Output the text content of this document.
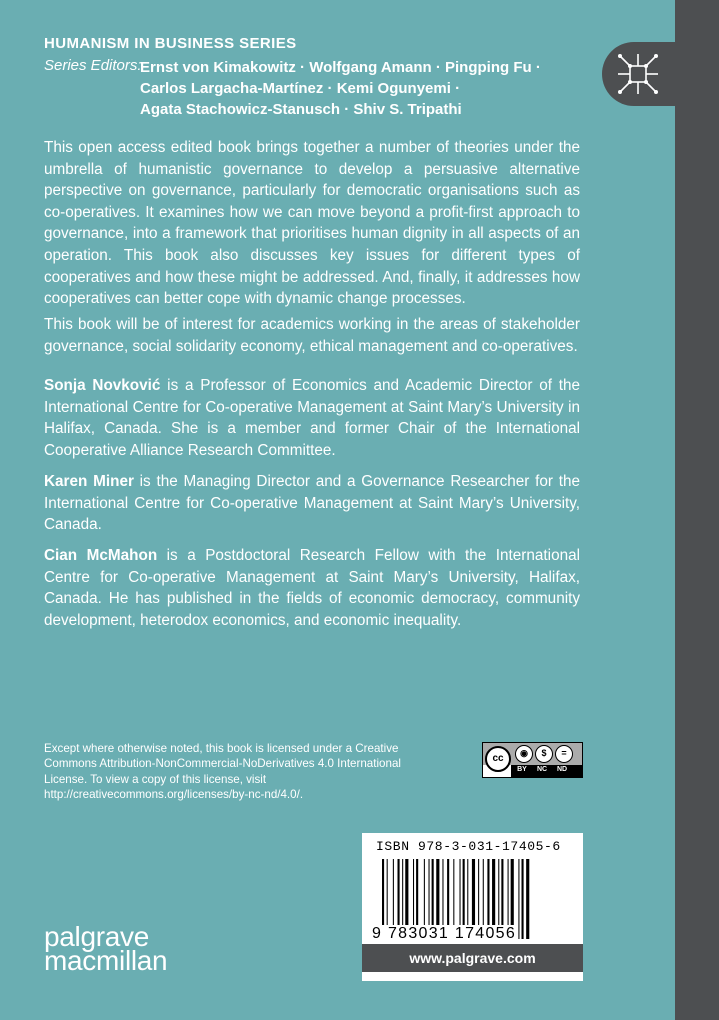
HUMANISM IN BUSINESS SERIES
Series Editors:
Ernst von Kimakowitz · Wolfgang Amann · Pingping Fu ·
Carlos Largacha-Martínez · Kemi Ogunyemi ·
Agata Stachowicz-Stanusch · Shiv S. Tripathi
This open access edited book brings together a number of theories under the umbrella of humanistic governance to develop a persuasive alternative perspective on governance, particularly for democratic organisations such as co-operatives. It examines how we can move beyond a profit-first approach to governance, into a framework that prioritises human dignity in all aspects of an operation. This book also discusses key issues for different types of cooperatives and how these might be addressed. And, finally, it addresses how cooperatives can better cope with dynamic change processes.
This book will be of interest for academics working in the areas of stakeholder governance, social solidarity economy, ethical management and co-operatives.
Sonja Novković is a Professor of Economics and Academic Director of the International Centre for Co-operative Management at Saint Mary’s University in Halifax, Canada. She is a member and former Chair of the International Cooperative Alliance Research Committee.
Karen Miner is the Managing Director and a Governance Researcher for the International Centre for Co-operative Management at Saint Mary’s University, Canada.
Cian McMahon is a Postdoctoral Research Fellow with the International Centre for Co-operative Management at Saint Mary’s University, Halifax, Canada. He has published in the fields of economic democracy, community development, heterodox economics, and economic inequality.
Except where otherwise noted, this book is licensed under a Creative Commons Attribution-NonCommercial-NoDerivatives 4.0 International License. To view a copy of this license, visit http://creativecommons.org/licenses/by-nc-nd/4.0/.
cc	◉	$	=
BY	NC ND
ISBN 978-3-031-17405-6
9 783031 174056
www.palgrave.com
palgrave
macmillan
